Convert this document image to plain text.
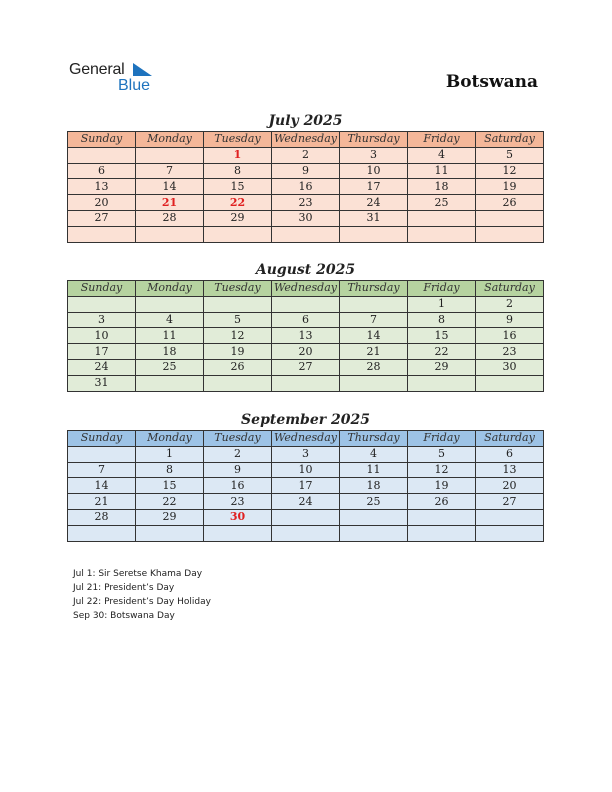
General
Blue	Botswana
July 2025
Sunday	Monday	Tuesday	Wednesday	Thursday	Friday	Saturday
		1	2	3	4	5
6	7	8	9	10	11	12
13	14	15	16	17	18	19
20	21	22	23	24	25	26
27	28	29	30	31		

August 2025
Sunday	Monday	Tuesday	Wednesday	Thursday	Friday	Saturday
					1	2
3	4	5	6	7	8	9
10	11	12	13	14	15	16
17	18	19	20	21	22	23
24	25	26	27	28	29	30
31						
September 2025
Sunday	Monday	Tuesday	Wednesday	Thursday	Friday	Saturday
	1	2	3	4	5	6
7	8	9	10	11	12	13
14	15	16	17	18	19	20
21	22	23	24	25	26	27
28	29	30				

Jul 1: Sir Seretse Khama Day
Jul 21: President’s Day
Jul 22: President’s Day Holiday
Sep 30: Botswana Day
